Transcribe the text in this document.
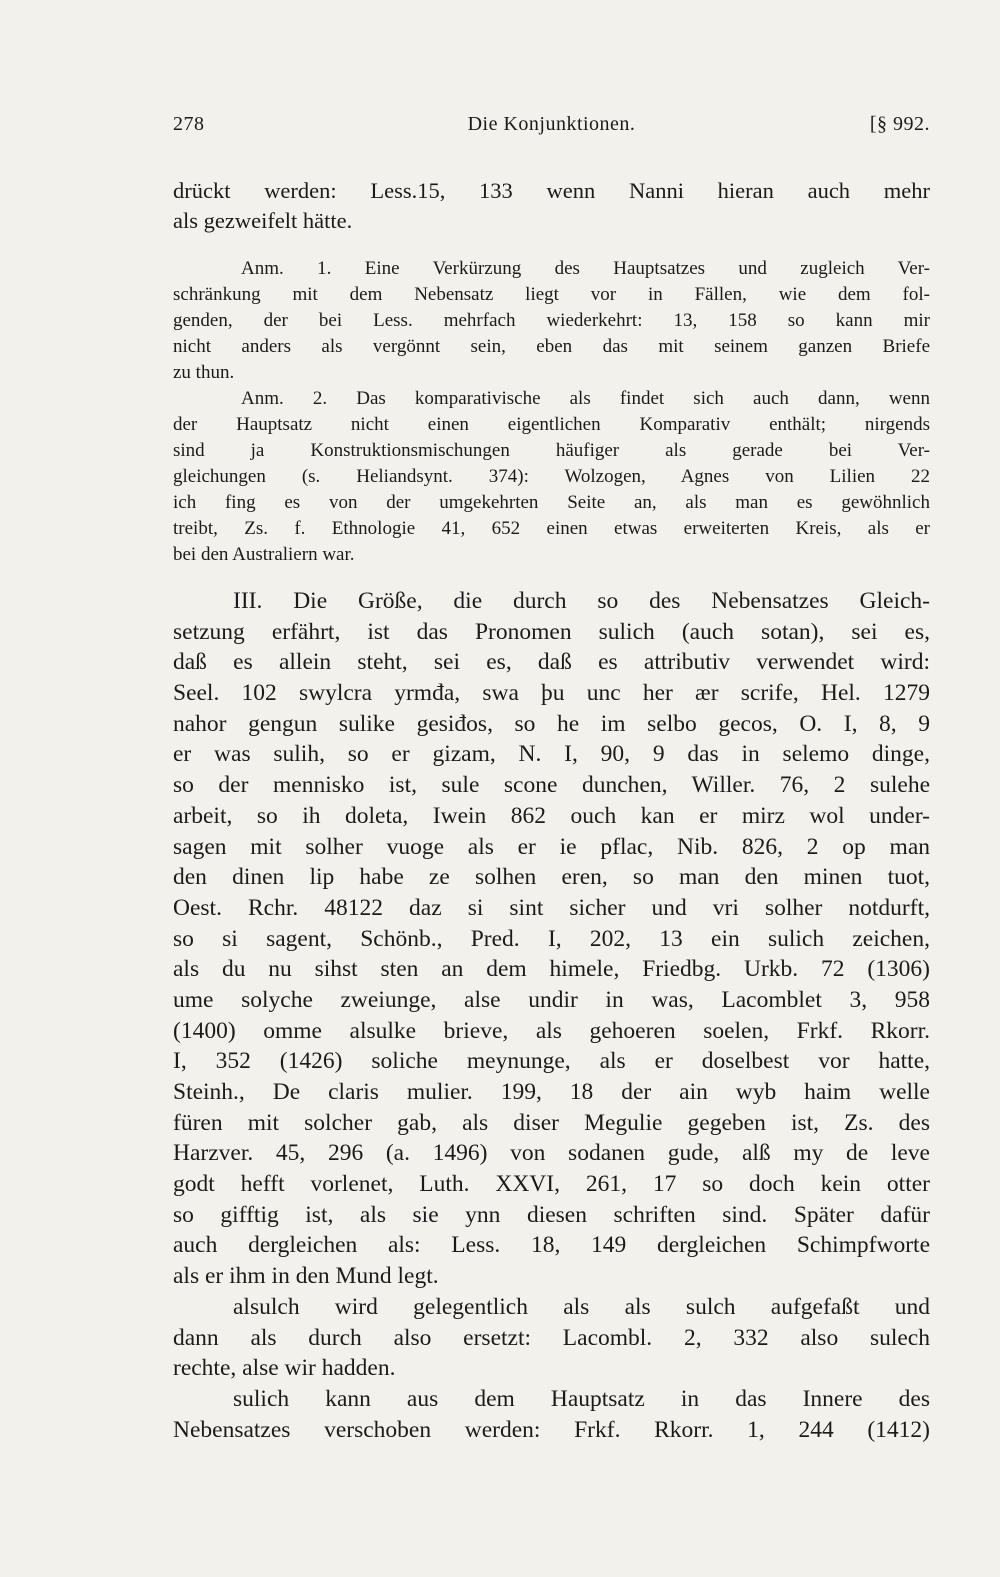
278	Die Konjunktionen.	[§ 992.
drückt werden: Less.15, 133 wenn Nanni hieran auch mehr
als gezweifelt hätte.
Anm. 1. Eine Verkürzung des Hauptsatzes und zugleich Ver-
schränkung mit dem Nebensatz liegt vor in Fällen, wie dem fol-
genden, der bei Less. mehrfach wiederkehrt: 13, 158 so kann mir
nicht anders als vergönnt sein, eben das mit seinem ganzen Briefe
zu thun.
Anm. 2. Das komparativische als findet sich auch dann, wenn
der Hauptsatz nicht einen eigentlichen Komparativ enthält; nirgends
sind ja Konstruktionsmischungen häufiger als gerade bei Ver-
gleichungen (s. Heliandsynt. 374): Wolzogen, Agnes von Lilien 22
ich fing es von der umgekehrten Seite an, als man es gewöhnlich
treibt, Zs. f. Ethnologie 41, 652 einen etwas erweiterten Kreis, als er
bei den Australiern war.
III. Die Größe, die durch so des Nebensatzes Gleich-
setzung erfährt, ist das Pronomen sulich (auch sotan), sei es,
daß es allein steht, sei es, daß es attributiv verwendet wird:
Seel. 102 swylcra yrmđa, swa þu unc her ær scrife, Hel. 1279
nahor gengun sulike gesiđos, so he im selbo gecos, O. I, 8, 9
er was sulih, so er gizam, N. I, 90, 9 das in selemo dinge,
so der mennisko ist, sule scone dunchen, Willer. 76, 2 sulehe
arbeit, so ih doleta, Iwein 862 ouch kan er mirz wol under-
sagen mit solher vuoge als er ie pflac, Nib. 826, 2 op man
den dinen lip habe ze solhen eren, so man den minen tuot,
Oest. Rchr. 48122 daz si sint sicher und vri solher notdurft,
so si sagent, Schönb., Pred. I, 202, 13 ein sulich zeichen,
als du nu sihst sten an dem himele, Friedbg. Urkb. 72 (1306)
ume solyche zweiunge, alse undir in was, Lacomblet 3, 958
(1400) omme alsulke brieve, als gehoeren soelen, Frkf. Rkorr.
I, 352 (1426) soliche meynunge, als er doselbest vor hatte,
Steinh., De claris mulier. 199, 18 der ain wyb haim welle
füren mit solcher gab, als diser Megulie gegeben ist, Zs. des
Harzver. 45, 296 (a. 1496) von sodanen gude, alß my de leve
godt hefft vorlenet, Luth. XXVI, 261, 17 so doch kein otter
so gifftig ist, als sie ynn diesen schriften sind. Später dafür
auch dergleichen als: Less. 18, 149 dergleichen Schimpfworte
als er ihm in den Mund legt.
alsulch wird gelegentlich als als sulch aufgefaßt und
dann als durch also ersetzt: Lacombl. 2, 332 also sulech
rechte, alse wir hadden.
sulich kann aus dem Hauptsatz in das Innere des
Nebensatzes verschoben werden: Frkf. Rkorr. 1, 244 (1412)
